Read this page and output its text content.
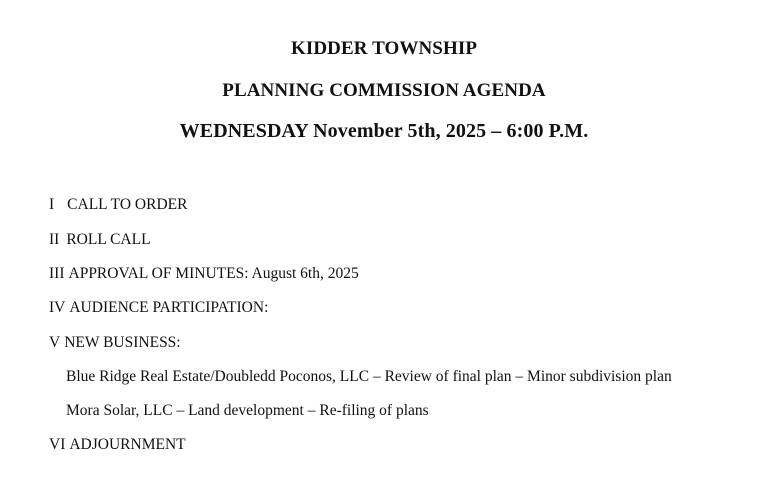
KIDDER TOWNSHIP
PLANNING COMMISSION AGENDA
WEDNESDAY November 5th, 2025 – 6:00 P.M.
I CALL TO ORDER
II ROLL CALL
III APPROVAL OF MINUTES: August 6th, 2025
IV AUDIENCE PARTICIPATION:
V NEW BUSINESS:
Blue Ridge Real Estate/Doubledd Poconos, LLC – Review of final plan – Minor subdivision plan
Mora Solar, LLC – Land development – Re-filing of plans
VI ADJOURNMENT
